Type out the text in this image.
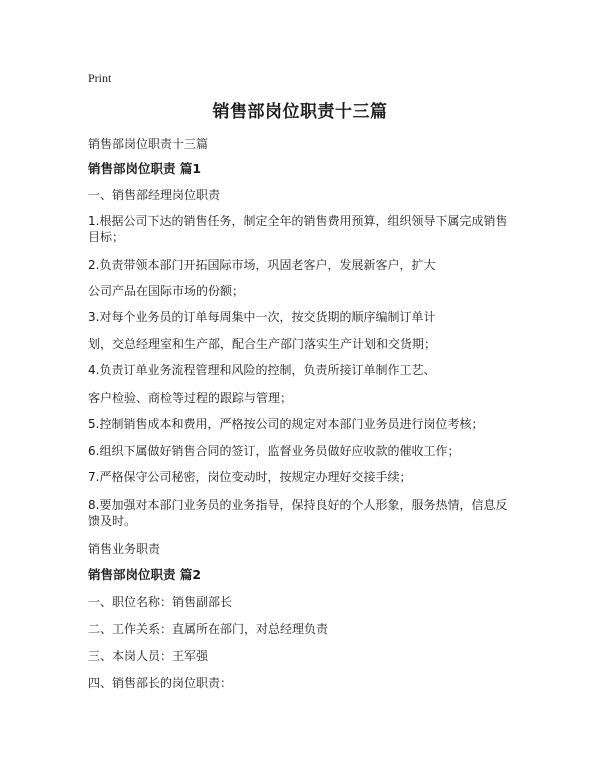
Print
销售部岗位职责十三篇
销售部岗位职责十三篇
销售部岗位职责 篇1
一、销售部经理岗位职责
1.根据公司下达的销售任务，制定全年的销售费用预算，组织领导下属完成销售目标；
2.负责带领本部门开拓国际市场，巩固老客户，发展新客户，扩大
公司产品在国际市场的份额；
3.对每个业务员的订单每周集中一次，按交货期的顺序编制订单计
划，交总经理室和生产部，配合生产部门落实生产计划和交货期；
4.负责订单业务流程管理和风险的控制，负责所接订单制作工艺、
客户检验、商检等过程的跟踪与管理；
5.控制销售成本和费用，严格按公司的规定对本部门业务员进行岗位考核；
6.组织下属做好销售合同的签订，监督业务员做好应收款的催收工作；
7.严格保守公司秘密，岗位变动时，按规定办理好交接手续；
8.要加强对本部门业务员的业务指导，保持良好的个人形象，服务热情，信息反馈及时。
销售业务职责
销售部岗位职责 篇2
一、职位名称：销售副部长
二、工作关系：直属所在部门，对总经理负责
三、本岗人员：王军强
四、销售部长的岗位职责：
